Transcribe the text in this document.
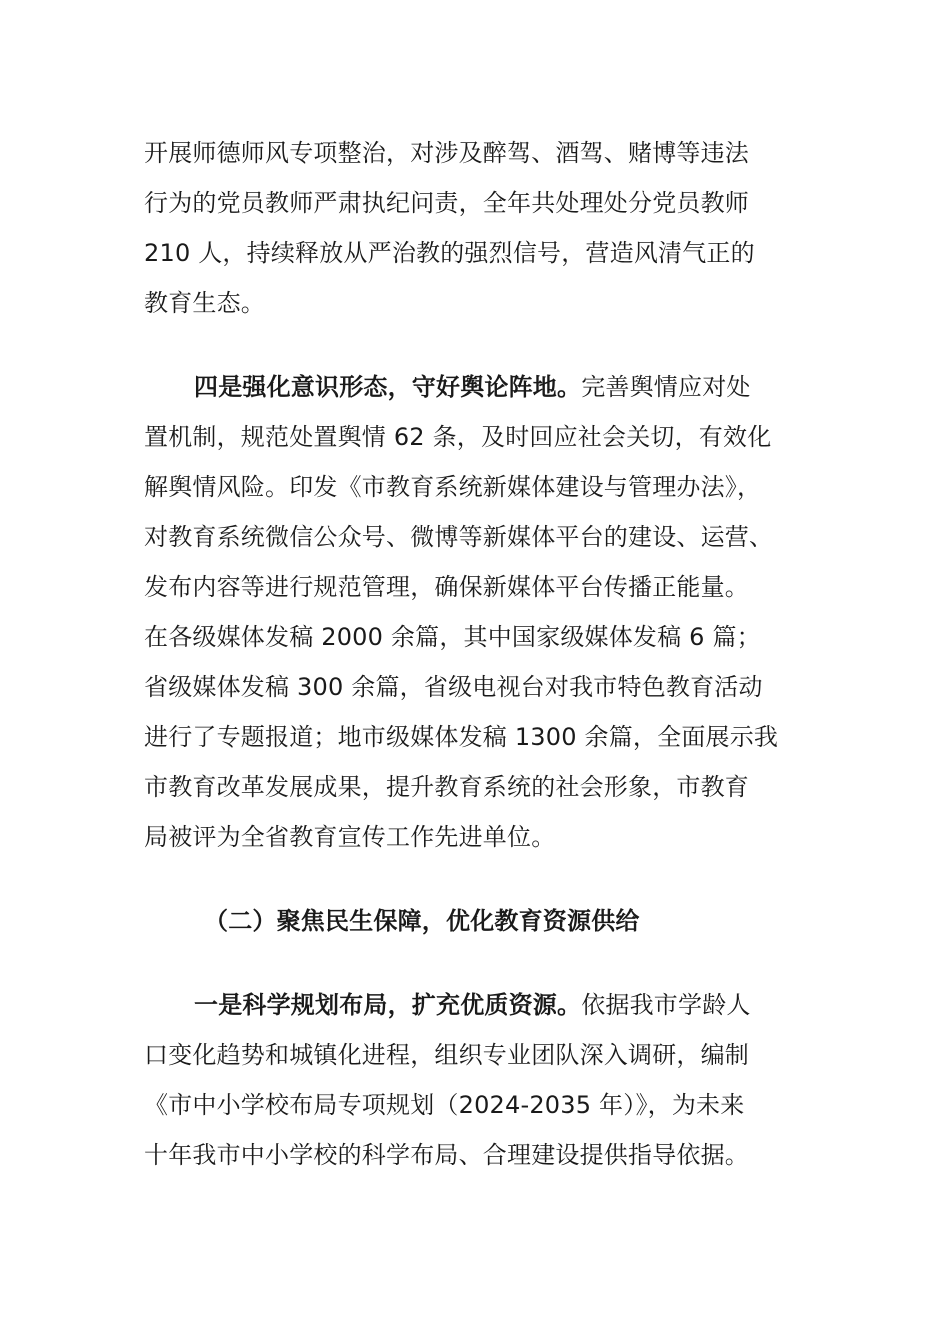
开展师德师风专项整治，对涉及醉驾、酒驾、赌博等违法
行为的党员教师严肃执纪问责，全年共处理处分党员教师
210 人，持续释放从严治教的强烈信号，营造风清气正的
教育生态。
四是强化意识形态，守好舆论阵地。完善舆情应对处
置机制，规范处置舆情 62 条，及时回应社会关切，有效化
解舆情风险。印发《市教育系统新媒体建设与管理办法》，
对教育系统微信公众号、微博等新媒体平台的建设、运营、
发布内容等进行规范管理，确保新媒体平台传播正能量。
在各级媒体发稿 2000 余篇，其中国家级媒体发稿 6 篇；
省级媒体发稿 300 余篇，省级电视台对我市特色教育活动
进行了专题报道；地市级媒体发稿 1300 余篇，全面展示我
市教育改革发展成果，提升教育系统的社会形象，市教育
局被评为全省教育宣传工作先进单位。
（二）聚焦民生保障，优化教育资源供给
一是科学规划布局，扩充优质资源。依据我市学龄人
口变化趋势和城镇化进程，组织专业团队深入调研，编制
《市中小学校布局专项规划（2024-2035 年）》，为未来
十年我市中小学校的科学布局、合理建设提供指导依据。
